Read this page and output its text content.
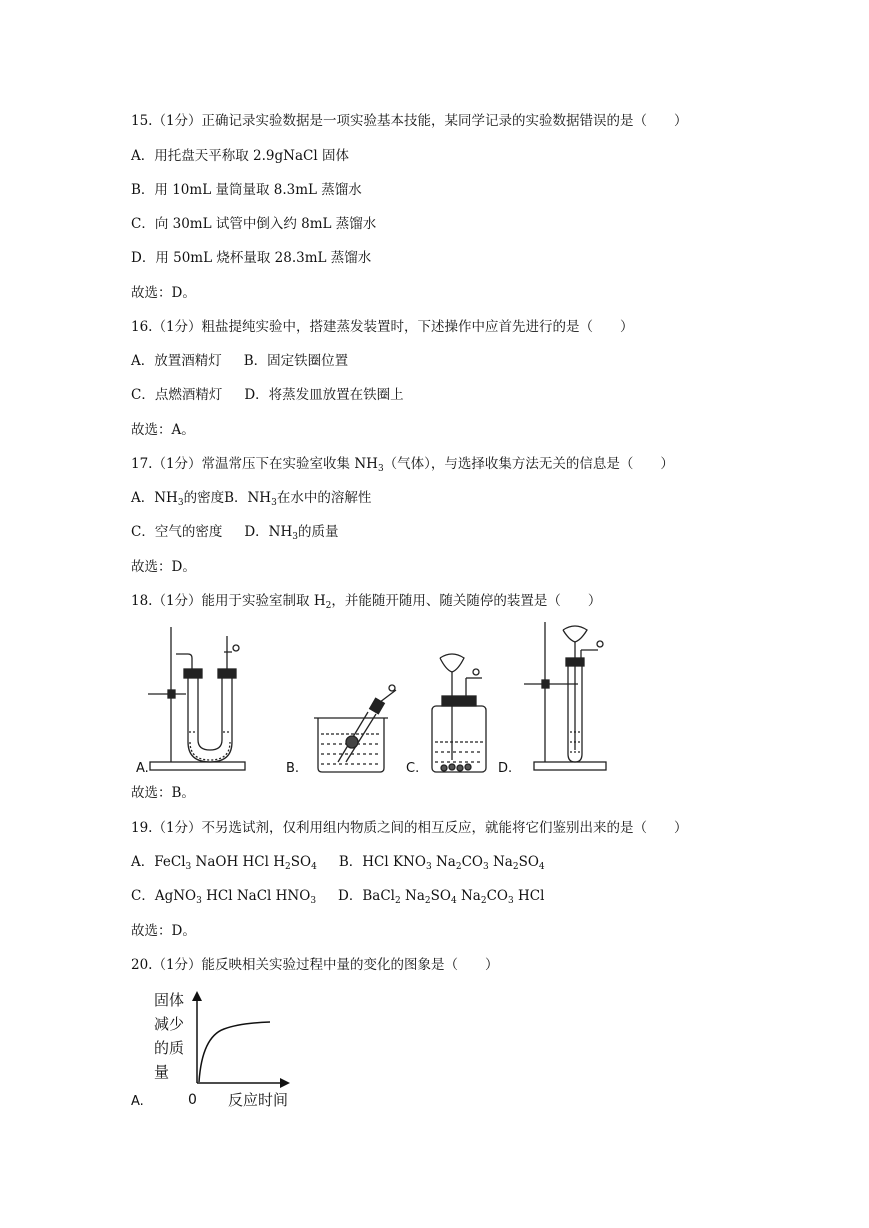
15.（1分）正确记录实验数据是一项实验基本技能，某同学记录的实验数据错误的是（　　）
A．用托盘天平称取 2.9gNaCl 固体
B．用 10mL 量筒量取 8.3mL 蒸馏水
C．向 30mL 试管中倒入约 8mL 蒸馏水
D．用 50mL 烧杯量取 28.3mL 蒸馏水
故选：D。
16.（1分）粗盐提纯实验中，搭建蒸发装置时，下述操作中应首先进行的是（　　）
A．放置酒精灯 B．固定铁圈位置
C．点燃酒精灯 D．将蒸发皿放置在铁圈上
故选：A。
17.（1分）常温常压下在实验室收集 $NH_3$（气体），与选择收集方法无关的信息是（　　）
A．$NH_3$的密度B．$NH_3$在水中的溶解性
C．空气的密度 D．$NH_3$的质量
故选：D。
18.（1分）能用于实验室制取 $H_2$，并能随开随用、随关随停的装置是（　　）
A.	B.	C.	D.
故选：B。
19.（1分）不另选试剂，仅利用组内物质之间的相互反应，就能将它们鉴别出来的是（　　）
A．FeCl$_3$ NaOH HCl $H_2SO_4$ B．HCl $KNO_3$ $Na_2CO_3$ $Na_2SO_4$
C．AgNO$_3$ HCl NaCl $HNO_3$ D．BaCl$_2$ $Na_2SO_4$ $Na_2CO_3$ HCl
故选：D。
20.（1分）能反映相关实验过程中量的变化的图象是（　　）
固体
减少
的质
量
0 反应时间
A.
